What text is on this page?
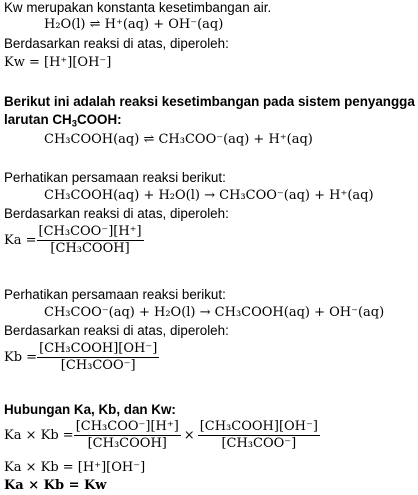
Kw merupakan konstanta kesetimbangan air.
H₂O(l) ⇌ H⁺(aq) + OH⁻(aq)
Berdasarkan reaksi di atas, diperoleh:
Kw = [H⁺][OH⁻]
Berikut ini adalah reaksi kesetimbangan pada sistem penyangga
larutan $CH_3COOH$:
CH₃COOH(aq) ⇌ CH₃COO⁻(aq) + H⁺(aq)
Perhatikan persamaan reaksi berikut:
CH₃COOH(aq) + H₂O(l) → CH₃COO⁻(aq) + H⁺(aq)
Berdasarkan reaksi di atas, diperoleh:
$Ka = \frac{\text{[CH₃COO⁻][H⁺]}}{\text{[CH₃COOH]}}$
Perhatikan persamaan reaksi berikut:
CH₃COO⁻(aq) + H₂O(l) → CH₃COOH(aq) + OH⁻(aq)
Berdasarkan reaksi di atas, diperoleh:
$Kb = \frac{\text{[CH₃COOH][OH⁻]}}{\text{[CH₃COO⁻]}}$
Hubungan Ka, Kb, dan Kw:
$Ka \times Kb = \frac{\text{[CH₃COO⁻][H⁺]}}{\text{[CH₃COOH]}} \times \frac{\text{[CH₃COOH][OH⁻]}}{\text{[CH₃COO⁻]}}$
Ka × Kb = [H⁺][OH⁻]
Ka × Kb = Kw
